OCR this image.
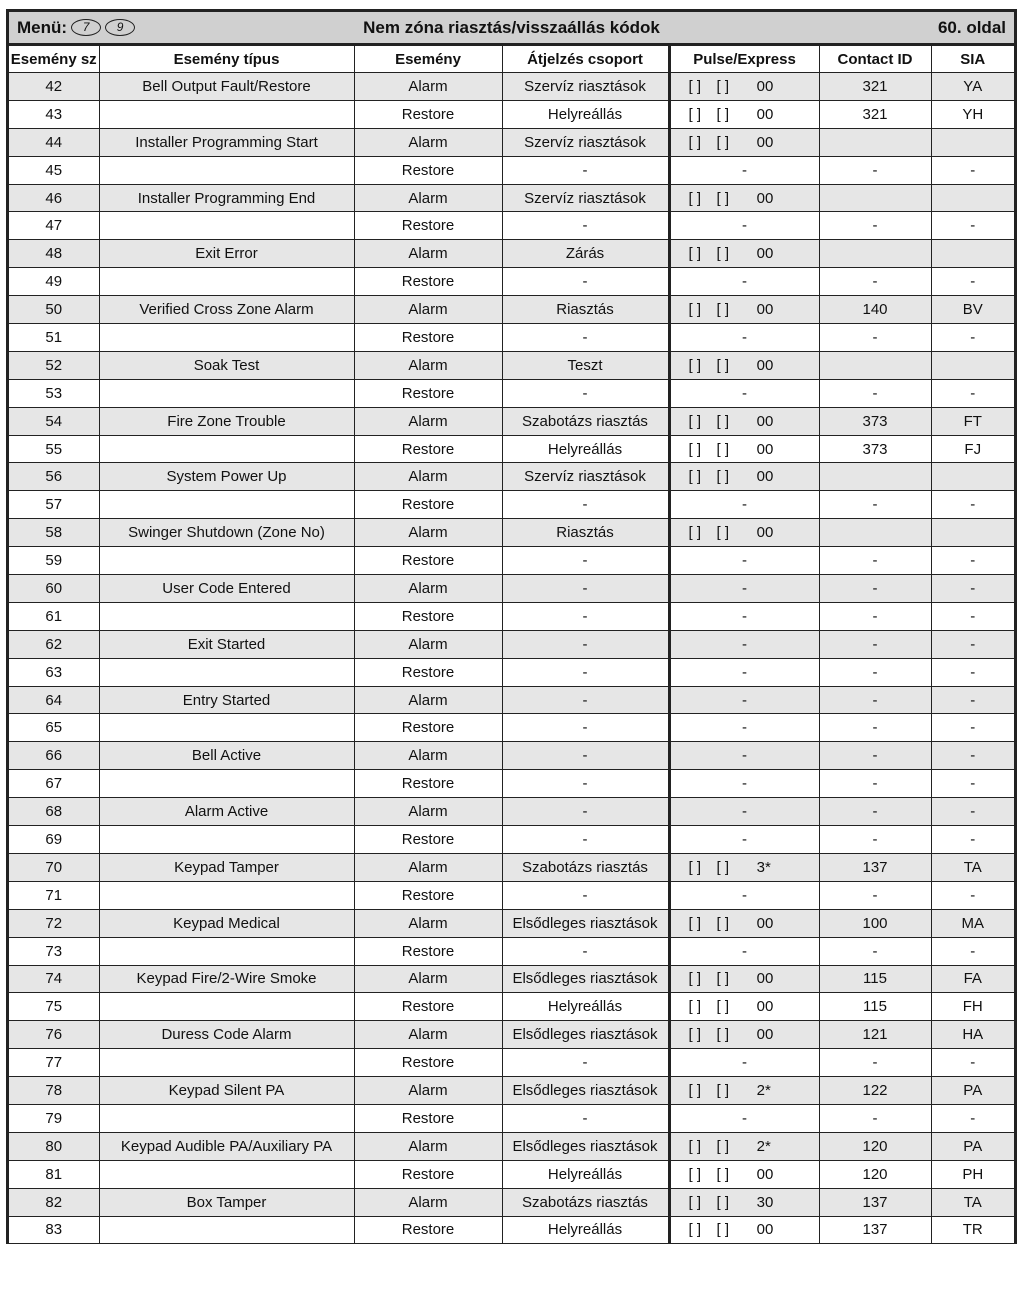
Menü:	7	9	Nem zóna riasztás/visszaállás kódok	60. oldal
Esemény sz	Esemény típus	Esemény	Átjelzés csoport	Pulse/Express	Contact ID	SIA
42	Bell Output Fault/Restore	Alarm	Szervíz riasztások	[ ] [ ] 00	321	YA
43		Restore	Helyreállás	[ ] [ ] 00	321	YH
44	Installer Programming Start	Alarm	Szervíz riasztások	[ ] [ ] 00		
45		Restore	-	-	-	-
46	Installer Programming End	Alarm	Szervíz riasztások	[ ] [ ] 00		
47		Restore	-	-	-	-
48	Exit Error	Alarm	Zárás	[ ] [ ] 00		
49		Restore	-	-	-	-
50	Verified Cross Zone Alarm	Alarm	Riasztás	[ ] [ ] 00	140	BV
51		Restore	-	-	-	-
52	Soak Test	Alarm	Teszt	[ ] [ ] 00		
53		Restore	-	-	-	-
54	Fire Zone Trouble	Alarm	Szabotázs riasztás	[ ] [ ] 00	373	FT
55		Restore	Helyreállás	[ ] [ ] 00	373	FJ
56	System Power Up	Alarm	Szervíz riasztások	[ ] [ ] 00		
57		Restore	-	-	-	-
58	Swinger Shutdown (Zone No)	Alarm	Riasztás	[ ] [ ] 00		
59		Restore	-	-	-	-
60	User Code Entered	Alarm	-	-	-	-
61		Restore	-	-	-	-
62	Exit Started	Alarm	-	-	-	-
63		Restore	-	-	-	-
64	Entry Started	Alarm	-	-	-	-
65		Restore	-	-	-	-
66	Bell Active	Alarm	-	-	-	-
67		Restore	-	-	-	-
68	Alarm Active	Alarm	-	-	-	-
69		Restore	-	-	-	-
70	Keypad Tamper	Alarm	Szabotázs riasztás	[ ] [ ] 3*	137	TA
71		Restore	-	-	-	-
72	Keypad Medical	Alarm	Elsődleges riasztások	[ ] [ ] 00	100	MA
73		Restore	-	-	-	-
74	Keypad Fire/2-Wire Smoke	Alarm	Elsődleges riasztások	[ ] [ ] 00	115	FA
75		Restore	Helyreállás	[ ] [ ] 00	115	FH
76	Duress Code Alarm	Alarm	Elsődleges riasztások	[ ] [ ] 00	121	HA
77		Restore	-	-	-	-
78	Keypad Silent PA	Alarm	Elsődleges riasztások	[ ] [ ] 2*	122	PA
79		Restore	-	-	-	-
80	Keypad Audible PA/Auxiliary PA	Alarm	Elsődleges riasztások	[ ] [ ] 2*	120	PA
81		Restore	Helyreállás	[ ] [ ] 00	120	PH
82	Box Tamper	Alarm	Szabotázs riasztás	[ ] [ ] 30	137	TA
83		Restore	Helyreállás	[ ] [ ] 00	137	TR
